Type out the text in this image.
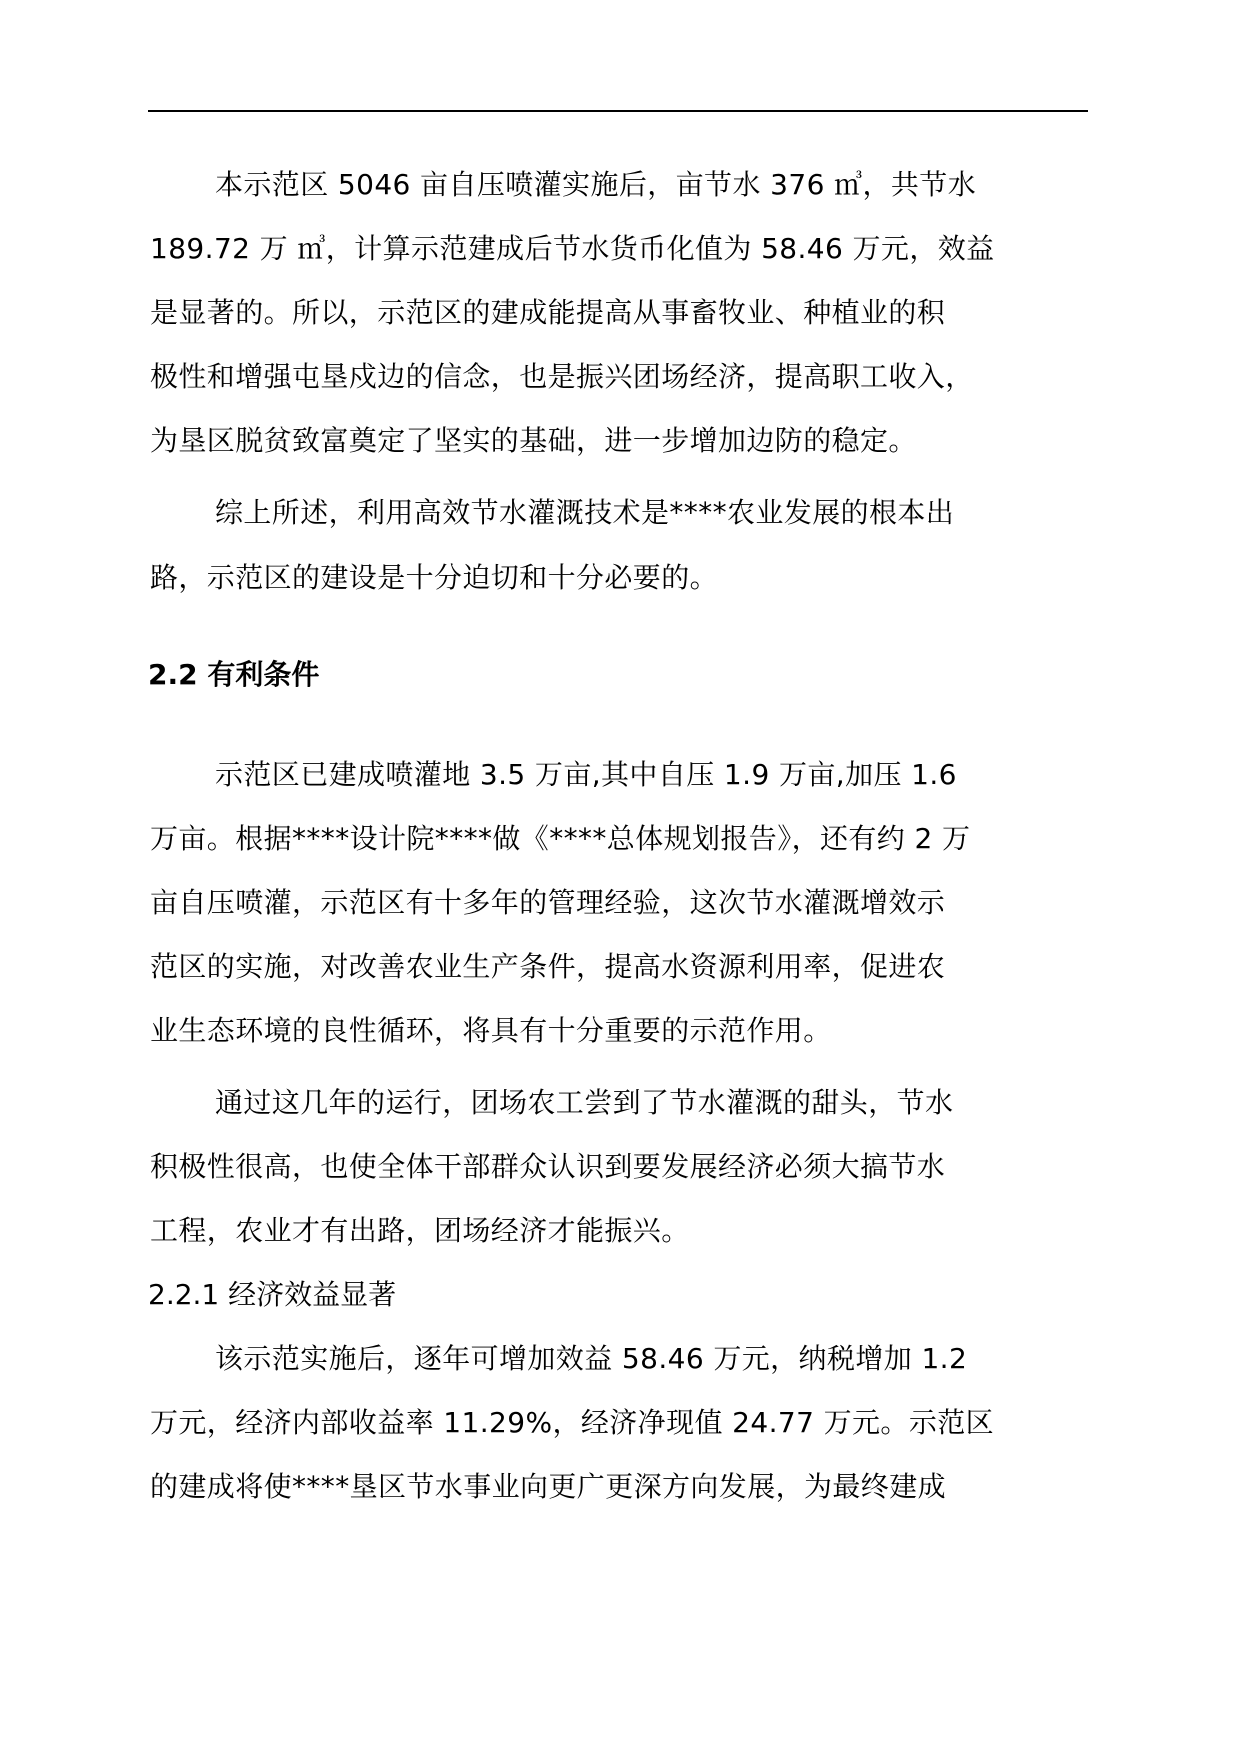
本示范区 5046 亩自压喷灌实施后，亩节水 376 ㎥，共节水
189.72 万 ㎥，计算示范建成后节水货币化值为 58.46 万元，效益
是显著的。所以，示范区的建成能提高从事畜牧业、种植业的积
极性和增强屯垦戍边的信念，也是振兴团场经济，提高职工收入，
为垦区脱贫致富奠定了坚实的基础，进一步增加边防的稳定。
综上所述，利用高效节水灌溉技术是****农业发展的根本出
路，示范区的建设是十分迫切和十分必要的。
2.2 有利条件
示范区已建成喷灌地 3.5 万亩,其中自压 1.9 万亩,加压 1.6
万亩。根据****设计院****做《****总体规划报告》，还有约 2 万
亩自压喷灌，示范区有十多年的管理经验，这次节水灌溉增效示
范区的实施，对改善农业生产条件，提高水资源利用率，促进农
业生态环境的良性循环，将具有十分重要的示范作用。
通过这几年的运行，团场农工尝到了节水灌溉的甜头，节水
积极性很高，也使全体干部群众认识到要发展经济必须大搞节水
工程，农业才有出路，团场经济才能振兴。
2.2.1 经济效益显著
该示范实施后，逐年可增加效益 58.46 万元，纳税增加 1.2
万元，经济内部收益率 11.29%，经济净现值 24.77 万元。示范区
的建成将使****垦区节水事业向更广更深方向发展，为最终建成
